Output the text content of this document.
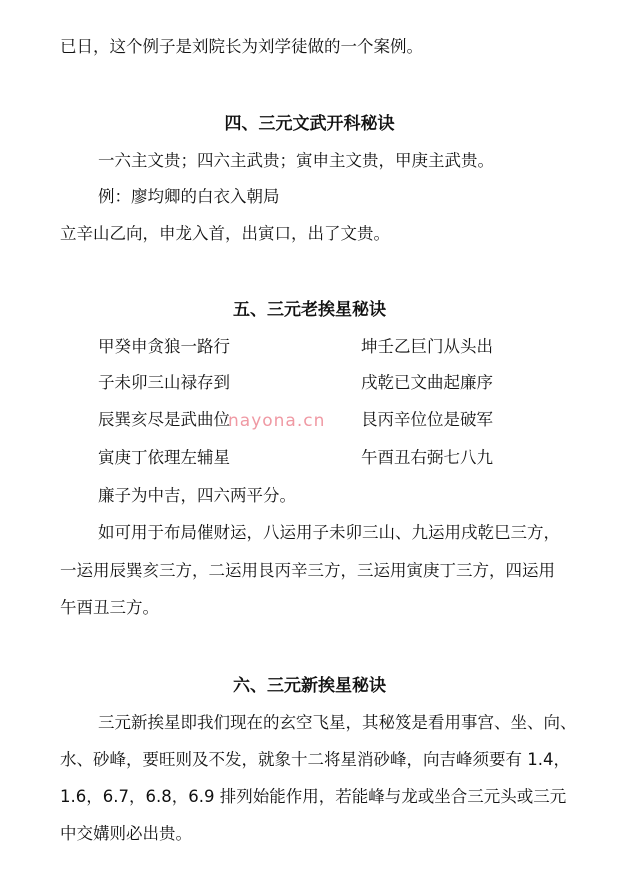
已日，这个例子是刘院长为刘学徒做的一个案例。
四、三元文武开科秘诀
一六主文贵；四六主武贵；寅申主文贵，甲庚主武贵。
例：廖均卿的白衣入朝局
立辛山乙向，申龙入首，出寅口，出了文贵。
五、三元老挨星秘诀
甲癸申贪狼一路行	坤壬乙巨门从头出
子未卯三山禄存到	戌乾已文曲起廉序
辰巽亥尽是武曲位	艮丙辛位位是破军
寅庚丁依理左辅星	午酉丑右弼七八九
廉子为中吉，四六两平分。
如可用于布局催财运，八运用子未卯三山、九运用戌乾巳三方，
一运用辰巽亥三方，二运用艮丙辛三方，三运用寅庚丁三方，四运用
午酉丑三方。
六、三元新挨星秘诀
三元新挨星即我们现在的玄空飞星，其秘笈是看用事宫、坐、向、
水、砂峰，要旺则及不发，就象十二将星消砂峰，向吉峰须要有 1.4，
1.6，6.7，6.8，6.9 排列始能作用，若能峰与龙或坐合三元头或三元
中交媾则必出贵。
nayona.cn
